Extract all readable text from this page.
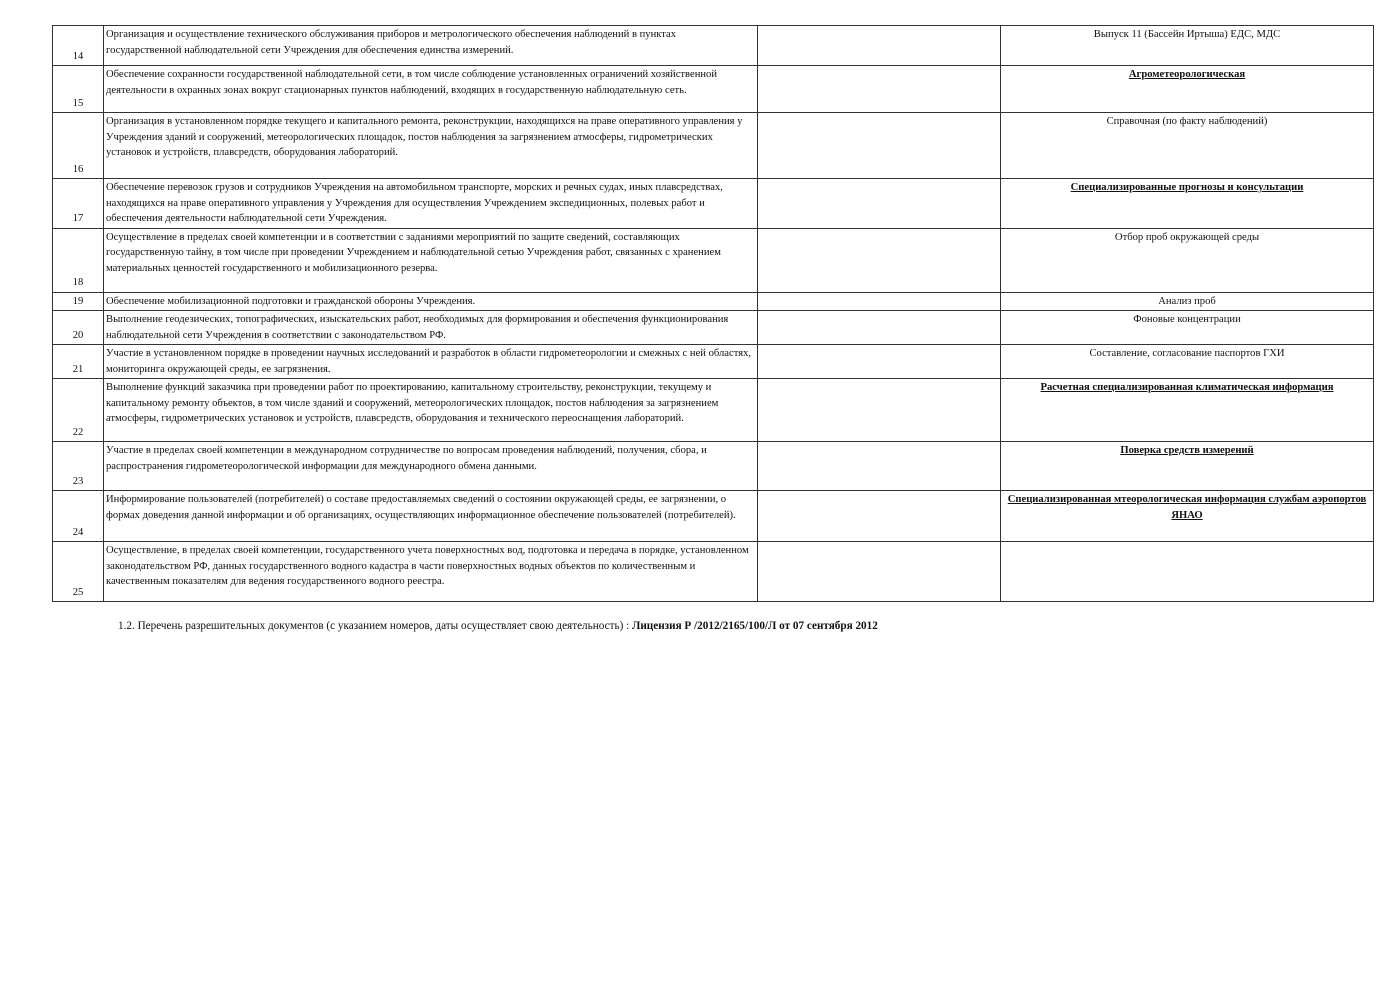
14	Организация и осуществление технического обслуживания приборов и метрологического обеспечения наблюдений в пунктах государственной наблюдательной сети Учреждения для обеспечения единства измерений.		Выпуск 11 (Бассейн Иртыша) ЕДС, МДС
15	Обеспечение сохранности государственной наблюдательной сети, в том числе соблюдение установленных ограничений хозяйственной деятельности в охранных зонах вокруг стационарных пунктов наблюдений, входящих в государственную наблюдательную сеть.		Агрометеорологическая
16	Организация в установленном порядке текущего и капитального ремонта, реконструкции, находящихся на праве оперативного управления у Учреждения зданий и сооружений, метеорологических площадок, постов наблюдения за загрязнением атмосферы, гидрометрических установок и устройств, плавсредств, оборудования лабораторий.		Справочная (по факту наблюдений)
17	Обеспечение перевозок грузов и сотрудников Учреждения на автомобильном транспорте, морских и речных судах, иных плавсредствах, находящихся на праве оперативного управления у Учреждения для осуществления Учреждением экспедиционных, полевых работ и обеспечения деятельности наблюдательной сети Учреждения.		Специализированные прогнозы и консультации
18	Осуществление в пределах своей компетенции и в соответствии с заданиями мероприятий по защите сведений, составляющих государственную тайну, в том числе при проведении Учреждением и наблюдательной сетью Учреждения работ, связанных с хранением материальных ценностей государственного и мобилизационного резерва.		Отбор проб окружающей среды
19	Обеспечение мобилизационной подготовки и гражданской обороны Учреждения.		Анализ проб
20	Выполнение геодезических, топографических, изыскательских работ, необходимых для формирования и обеспечения функционирования наблюдательной сети Учреждения в соответствии с законодательством РФ.		Фоновые концентрации
21	Участие в установленном порядке в проведении научных исследований и разработок в области гидрометеорологии и смежных с ней областях, мониторинга окружающей среды, ее загрязнения.		Составление, согласование паспортов ГХИ
22	Выполнение функций заказчика при проведении работ по проектированию, капитальному строительству, реконструкции, текущему и капитальному ремонту объектов, в том числе зданий и сооружений, метеорологических площадок, постов наблюдения за загрязнением атмосферы, гидрометрических установок и устройств, плавсредств, оборудования и технического переоснащения лабораторий.		Расчетная специализированная климатическая информация
23	Участие в пределах своей компетенции в международном сотрудничестве по вопросам проведения наблюдений, получения, сбора, и распространения гидрометеорологической информации для международного обмена данными.		Поверка средств измерений
24	Информирование пользователей (потребителей) о составе предоставляемых сведений о состоянии окружающей среды, ее загрязнении, о формах доведения данной информации и об организациях, осуществляющих информационное обеспечение пользователей (потребителей).		Специализированная мтеорологическая информация службам аэропортов ЯНАО
25	Осуществление, в пределах своей компетенции, государственного учета поверхностных вод, подготовка и передача в порядке, установленном законодательством РФ, данных государственного водного кадастра в части поверхностных водных объектов по количественным и качественным показателям для ведения государственного водного реестра.		
1.2. Перечень разрешительных документов (с указанием номеров, даты осуществляет свою деятельность) : Лицензия Р /2012/2165/100/Л от 07 сентября 2012
